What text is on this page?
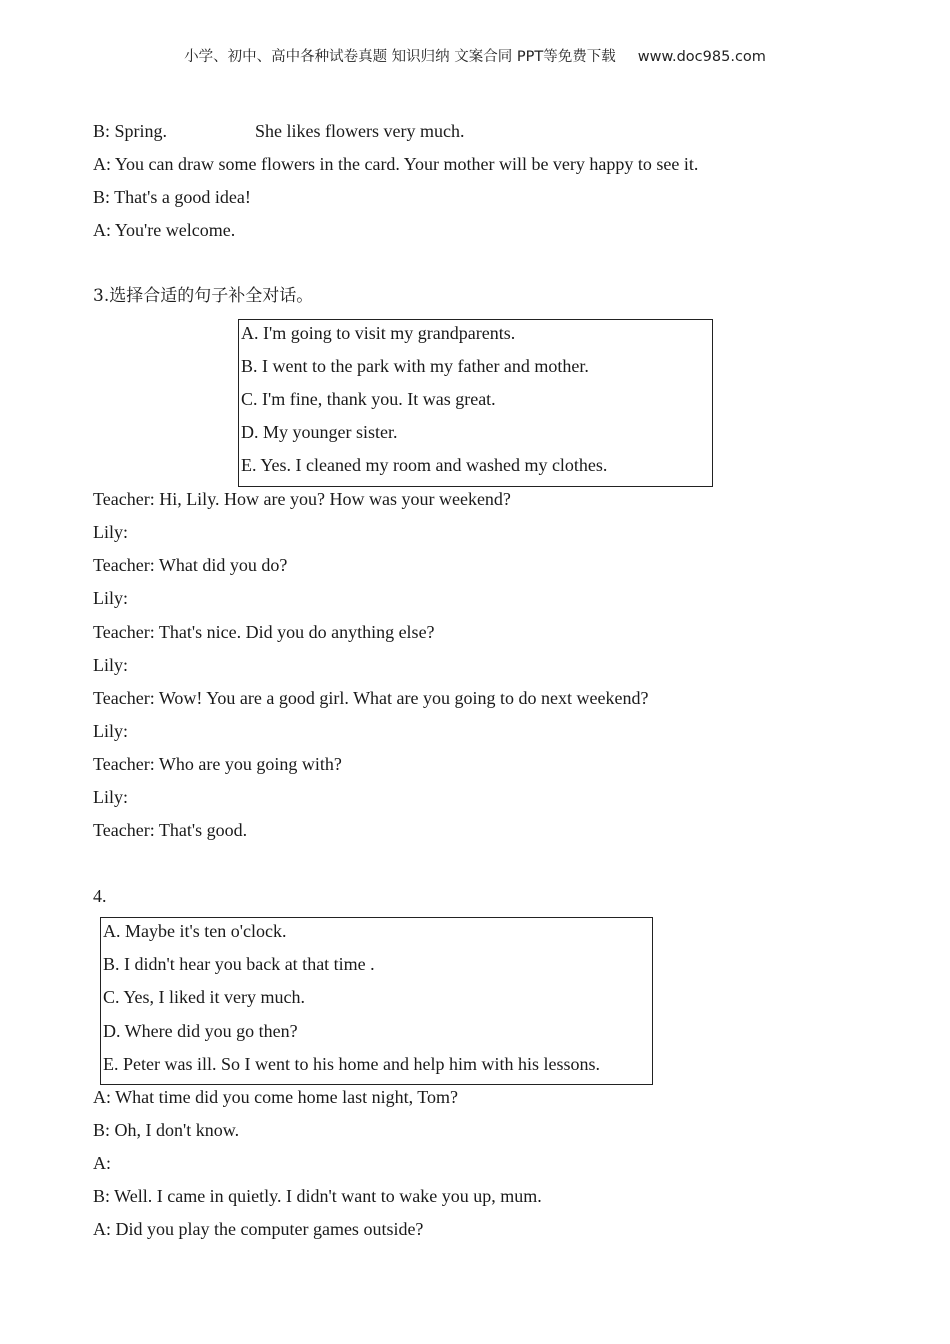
小学、初中、高中各种试卷真题 知识归纳 文案合同 PPT等免费下载 www.doc985.com
B: Spring.	She likes flowers very much.
A: You can draw some flowers in the card. Your mother will be very happy to see it.
B: That's a good idea!
A: You're welcome.
3.选择合适的句子补全对话。
A. I'm going to visit my grandparents.
B. I went to the park with my father and mother.
C. I'm fine, thank you. It was great.
D. My younger sister.
E. Yes. I cleaned my room and washed my clothes.
Teacher: Hi, Lily. How are you? How was your weekend?
Lily:
Teacher: What did you do?
Lily:
Teacher: That's nice. Did you do anything else?
Lily:
Teacher: Wow! You are a good girl. What are you going to do next weekend?
Lily:
Teacher: Who are you going with?
Lily:
Teacher: That's good.
4.
A. Maybe it's ten o'clock.
B. I didn't hear you back at that time .
C. Yes, I liked it very much.
D. Where did you go then?
E. Peter was ill. So I went to his home and help him with his lessons.
A: What time did you come home last night, Tom?
B: Oh, I don't know.
A:
B: Well. I came in quietly. I didn't want to wake you up, mum.
A: Did you play the computer games outside?
